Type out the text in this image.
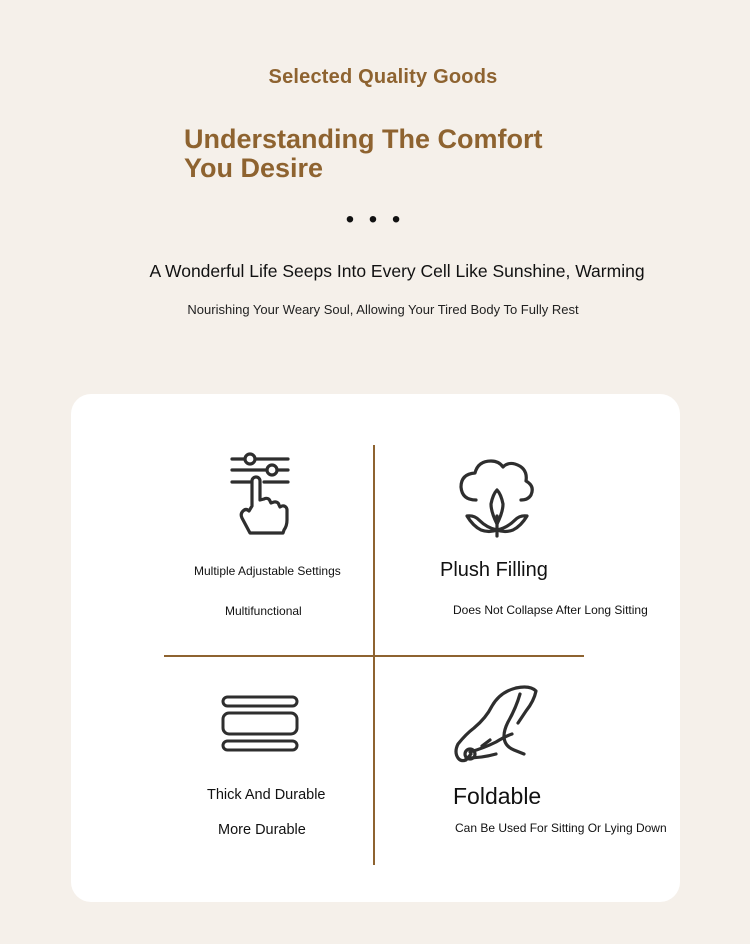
Selected Quality Goods
Understanding The Comfort
You Desire
• • •
A Wonderful Life Seeps Into Every Cell Like Sunshine, Warming
Nourishing Your Weary Soul, Allowing Your Tired Body To Fully Rest
Multiple Adjustable Settings
Multifunctional
Plush Filling
Does Not Collapse After Long Sitting
Thick And Durable
More Durable
Foldable
Can Be Used For Sitting Or Lying Down
